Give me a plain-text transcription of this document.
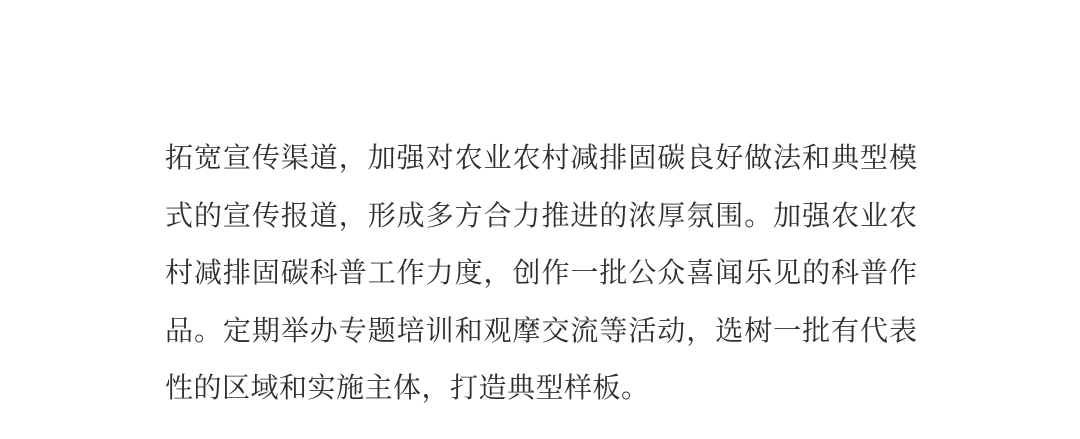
拓宽宣传渠道，加强对农业农村减排固碳良好做法和典型模
式的宣传报道，形成多方合力推进的浓厚氛围。加强农业农
村减排固碳科普工作力度，创作一批公众喜闻乐见的科普作
品。定期举办专题培训和观摩交流等活动，选树一批有代表
性的区域和实施主体，打造典型样板。
